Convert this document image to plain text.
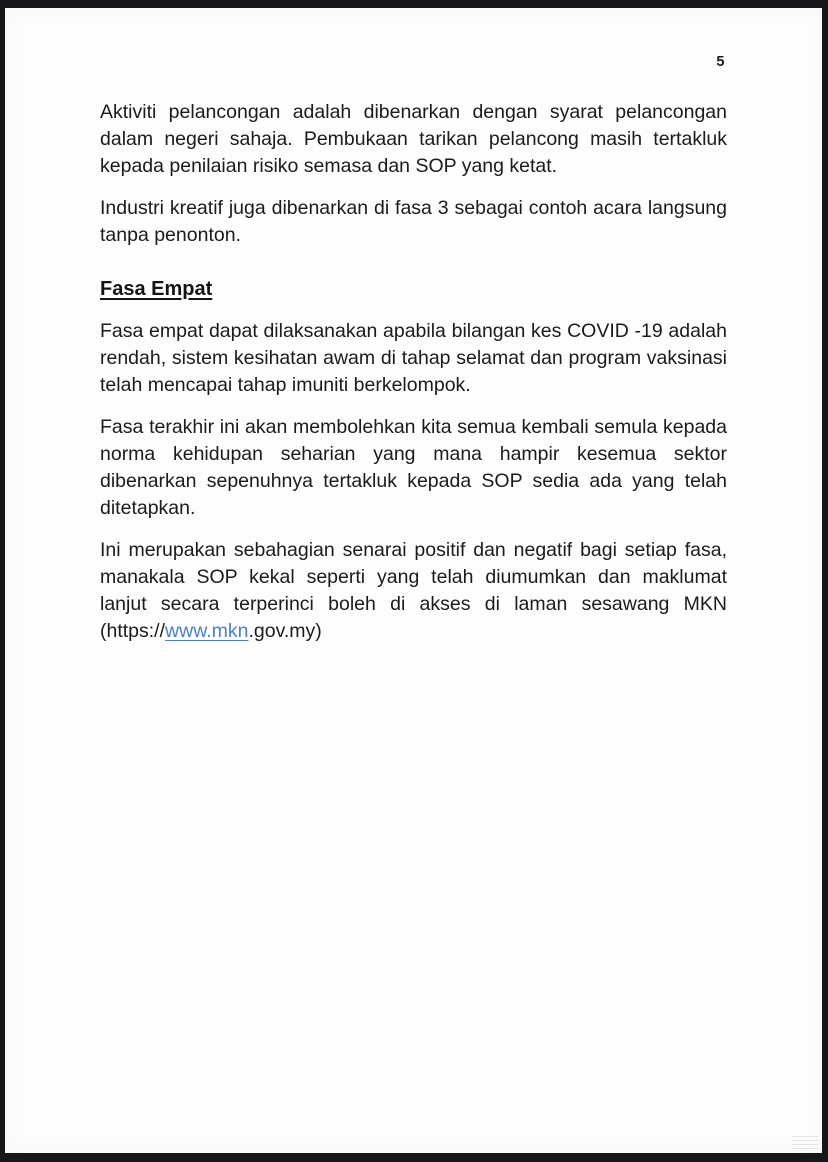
5

Aktiviti pelancongan adalah dibenarkan dengan syarat pelancongan dalam negeri sahaja. Pembukaan tarikan pelancong masih tertakluk kepada penilaian risiko semasa dan SOP yang ketat.

Industri kreatif juga dibenarkan di fasa 3 sebagai contoh acara langsung tanpa penonton.

Fasa Empat

Fasa empat dapat dilaksanakan apabila bilangan kes COVID -19 adalah rendah, sistem kesihatan awam di tahap selamat dan program vaksinasi telah mencapai tahap imuniti berkelompok.

Fasa terakhir ini akan membolehkan kita semua kembali semula kepada norma kehidupan seharian yang mana hampir kesemua sektor dibenarkan sepenuhnya tertakluk kepada SOP sedia ada yang telah ditetapkan.

Ini merupakan sebahagian senarai positif dan negatif bagi setiap fasa, manakala SOP kekal seperti yang telah diumumkan dan maklumat lanjut secara terperinci boleh di akses di laman sesawang MKN (https://www.mkn.gov.my)
